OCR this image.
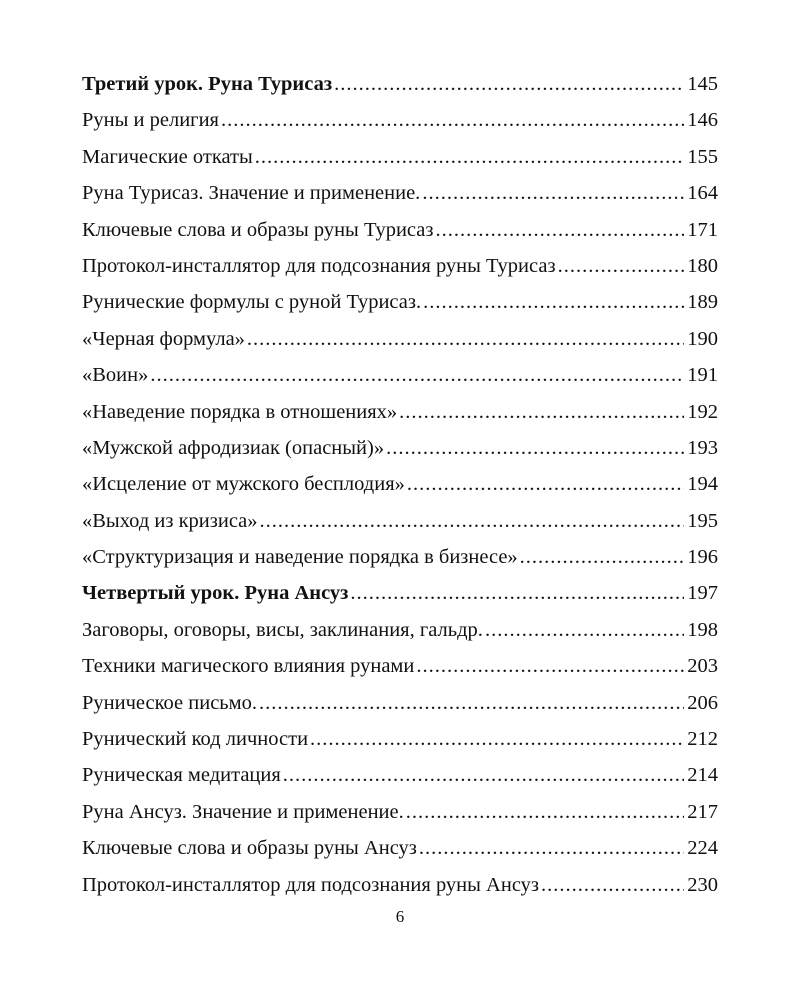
Третий урок. Руна Турисаз .....	145
Руны и религия .....	146
Магические откаты .....	155
Руна Турисаз. Значение и применение. .....	164
Ключевые слова и образы руны Турисаз .....	171
Протокол-инсталлятор для подсознания руны Турисаз .....	180
Рунические формулы с руной Турисаз. .....	189
«Черная формула» .....	190
«Воин» .....	191
«Наведение порядка в отношениях» .....	192
«Мужской афродизиак (опасный)» .....	193
«Исцеление от мужского бесплодия» .....	194
«Выход из кризиса» .....	195
«Структуризация и наведение порядка в бизнесе» .....	196
Четвертый урок. Руна Ансуз .....	197
Заговоры, оговоры, висы, заклинания, гальдр. .....	198
Техники магического влияния рунами .....	203
Руническое письмо. .....	206
Рунический код личности .....	212
Руническая медитация .....	214
Руна Ансуз. Значение и применение. .....	217
Ключевые слова и образы руны Ансуз .....	224
Протокол-инсталлятор для подсознания руны Ансуз .....	230
6
